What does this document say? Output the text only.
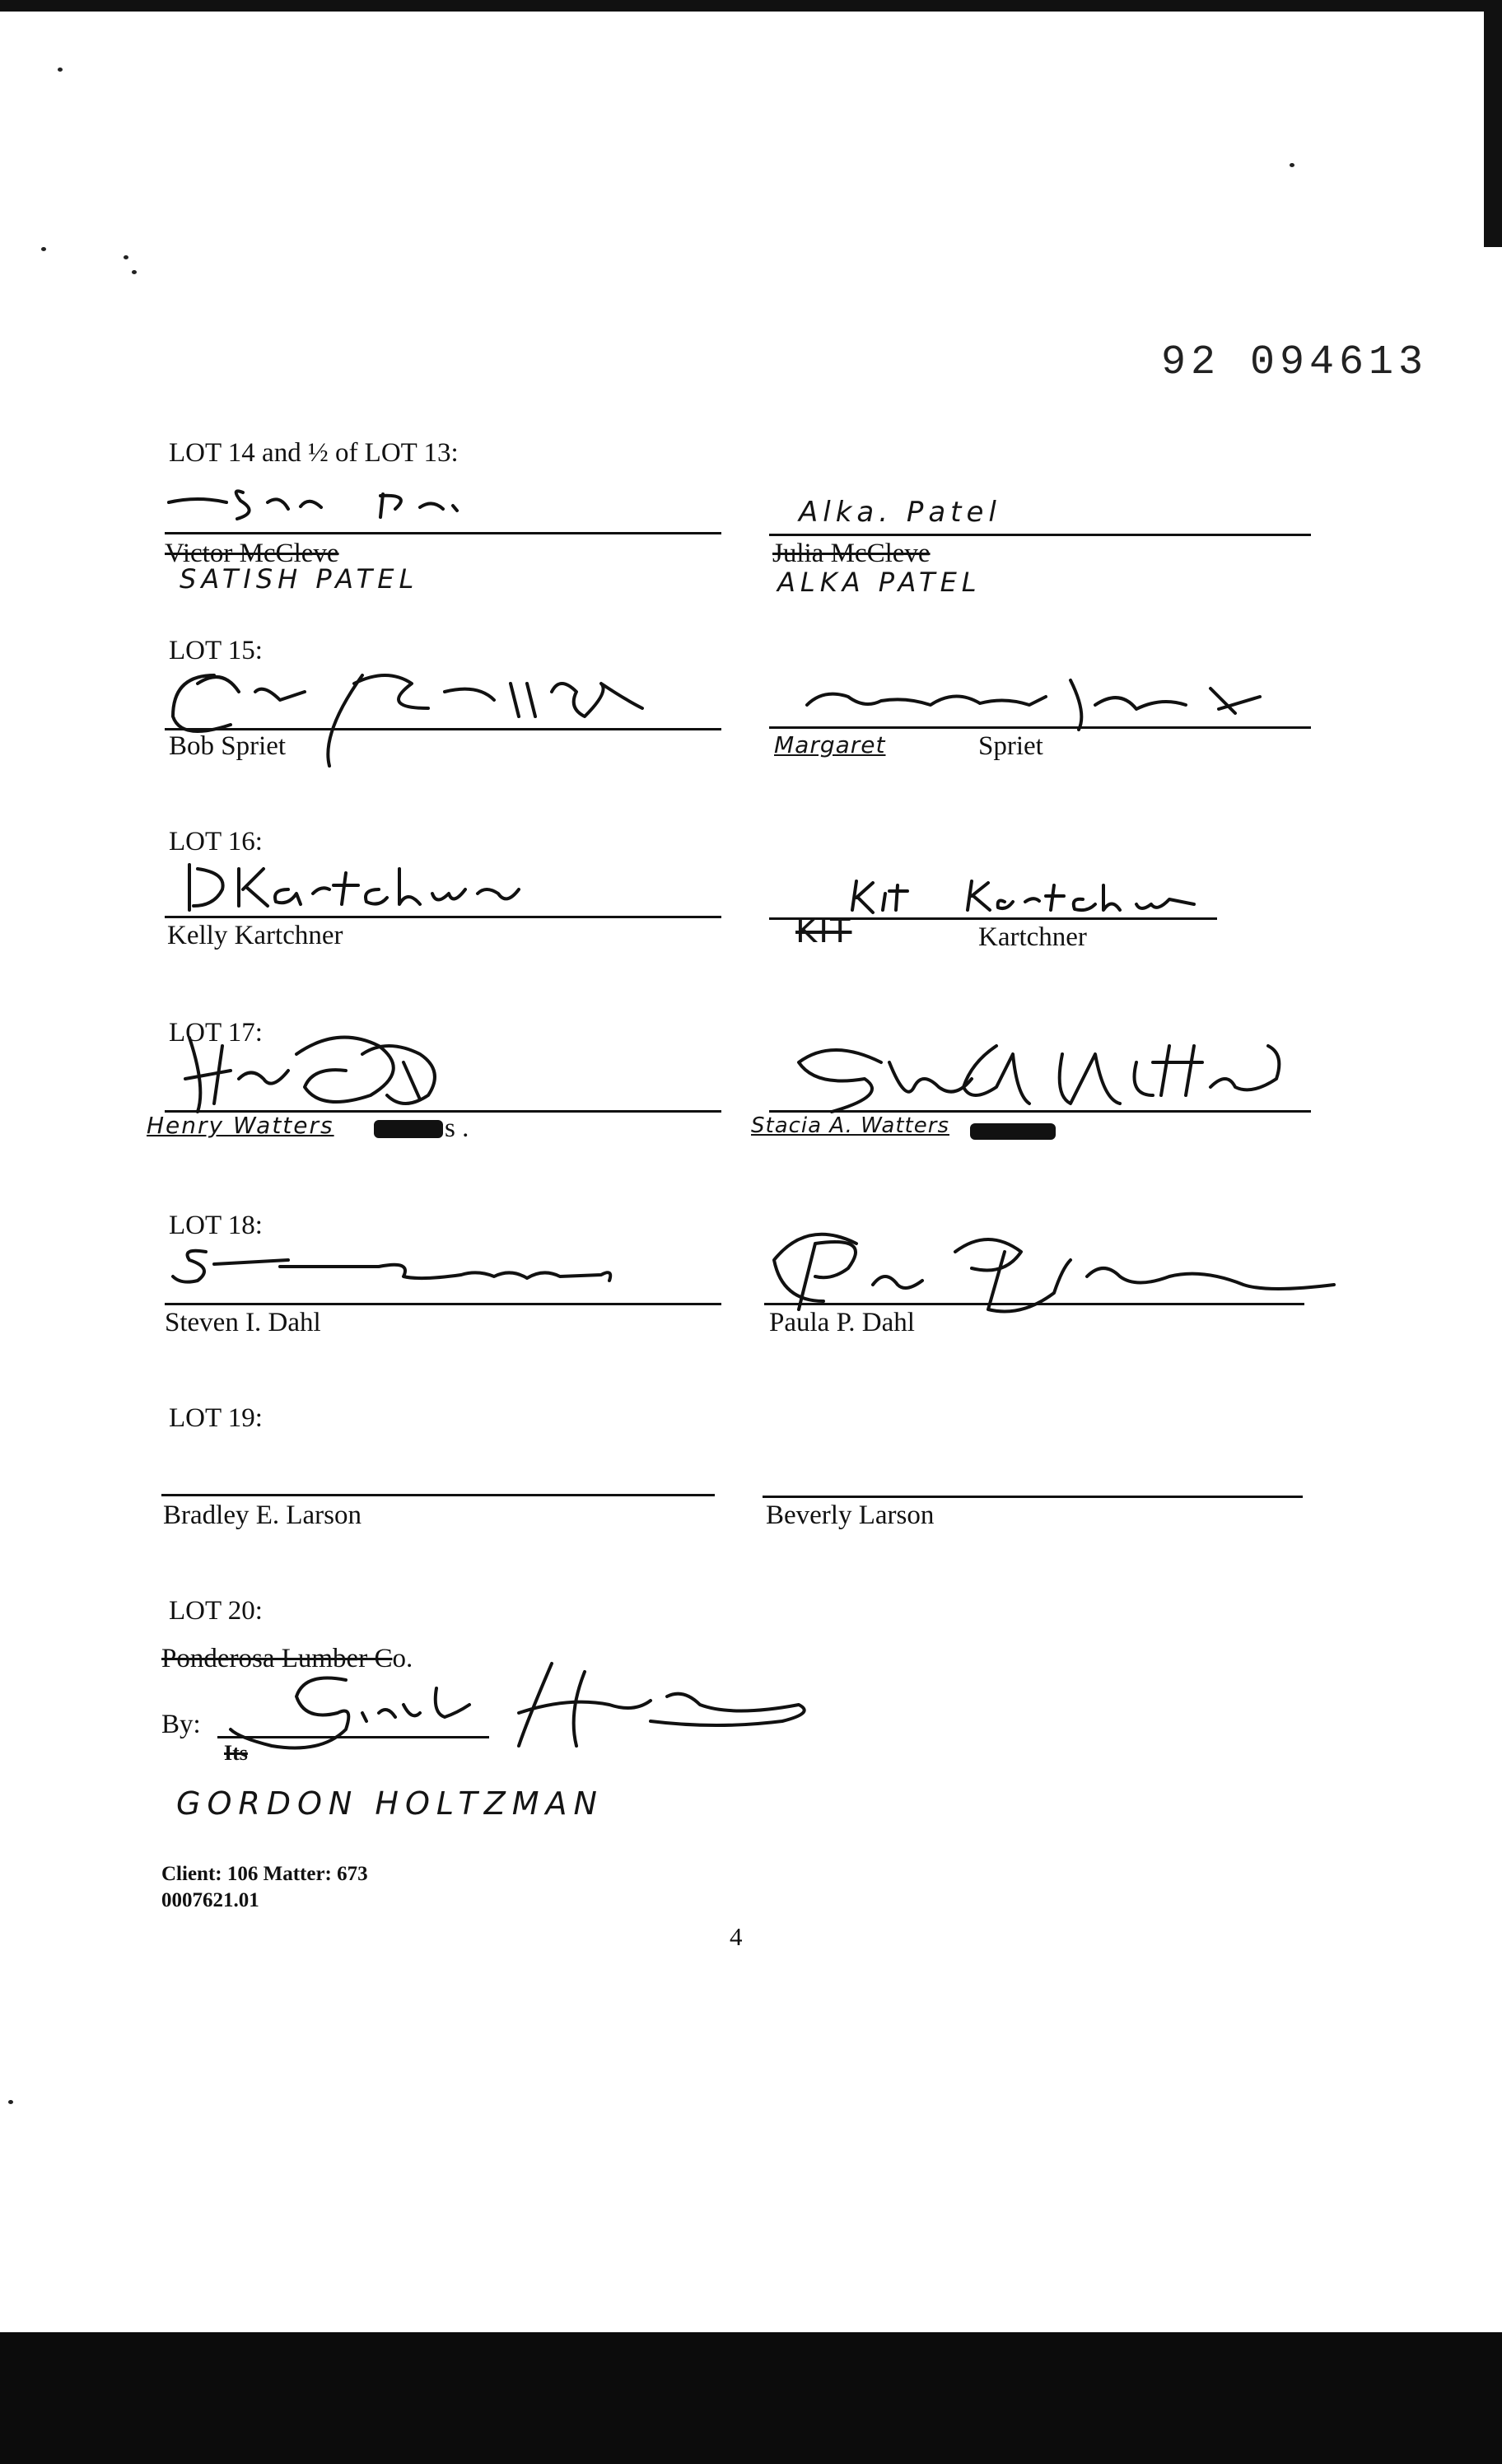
92 094613
LOT 14 and ½ of LOT 13:
Victor McCleve
SATISH PATEL
Alka. Patel
Julia McCleve
ALKA PATEL
LOT 15:
Bob Spriet	Margaret	Spriet
LOT 16:
Kelly Kartchner	KIT	Kartchner
LOT 17:
Henry Watters	s .	Stacia A. Watters
LOT 18:
Steven I. Dahl	Paula P. Dahl
LOT 19:
Bradley E. Larson	Beverly Larson
LOT 20:
Ponderosa Lumber Co.
By:
Its
GORDON HOLTZMAN
Client: 106 Matter: 673
0007621.01
4
